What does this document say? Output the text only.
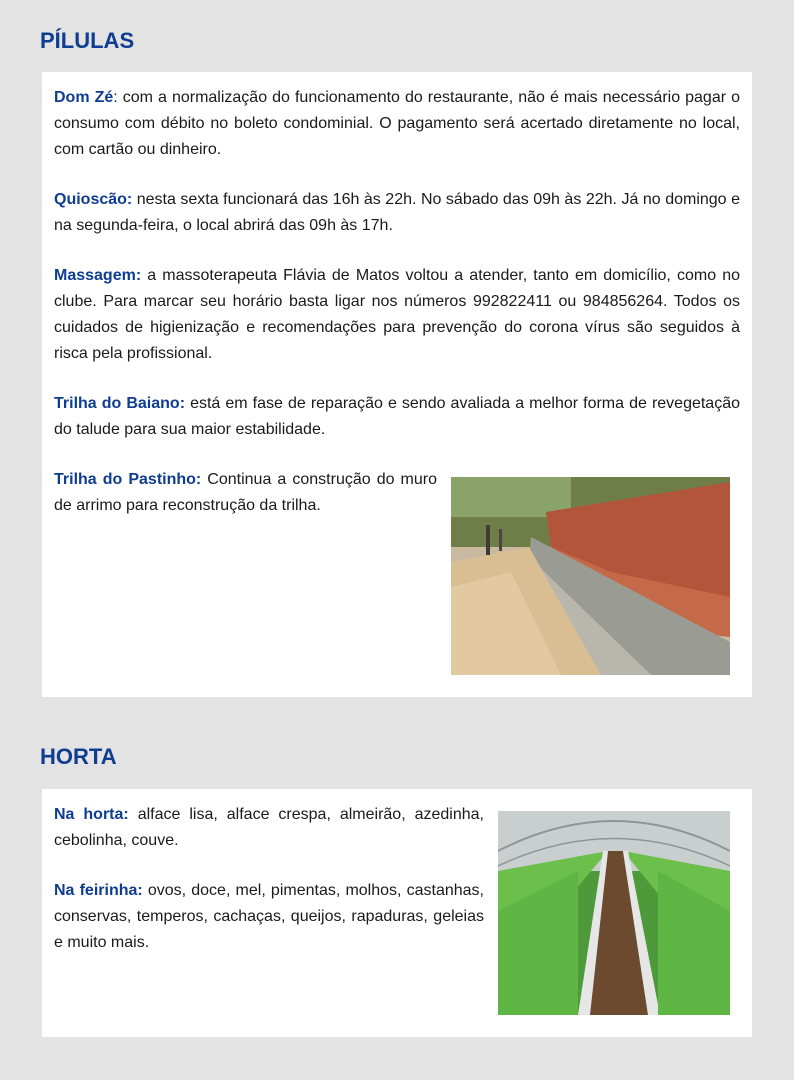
PÍLULAS

Dom Zé: com a normalização do funcionamento do restaurante, não é mais necessário pagar o consumo com débito no boleto condominial. O pagamento será acertado diretamente no local, com cartão ou dinheiro.

Quioscão: nesta sexta funcionará das 16h às 22h. No sábado das 09h às 22h. Já no domingo e na segunda-feira, o local abrirá das 09h às 17h.

Massagem: a massoterapeuta Flávia de Matos voltou a atender, tanto em domicílio, como no clube. Para marcar seu horário basta ligar nos números 992822411 ou 984856264. Todos os cuidados de higienização e recomendações para prevenção do corona vírus são seguidos à risca pela profissional.

Trilha do Baiano: está em fase de reparação e sendo avaliada a melhor forma de revegetação do talude para sua maior estabilidade.

Trilha do Pastinho: Continua a construção do muro de arrimo para reconstrução da trilha.

HORTA

Na horta: alface lisa, alface crespa, almeirão, azedinha, cebolinha, couve.

Na feirinha: ovos, doce, mel, pimentas, molhos, castanhas, conservas, temperos, cachaças, queijos, rapaduras, geleias e muito mais.
